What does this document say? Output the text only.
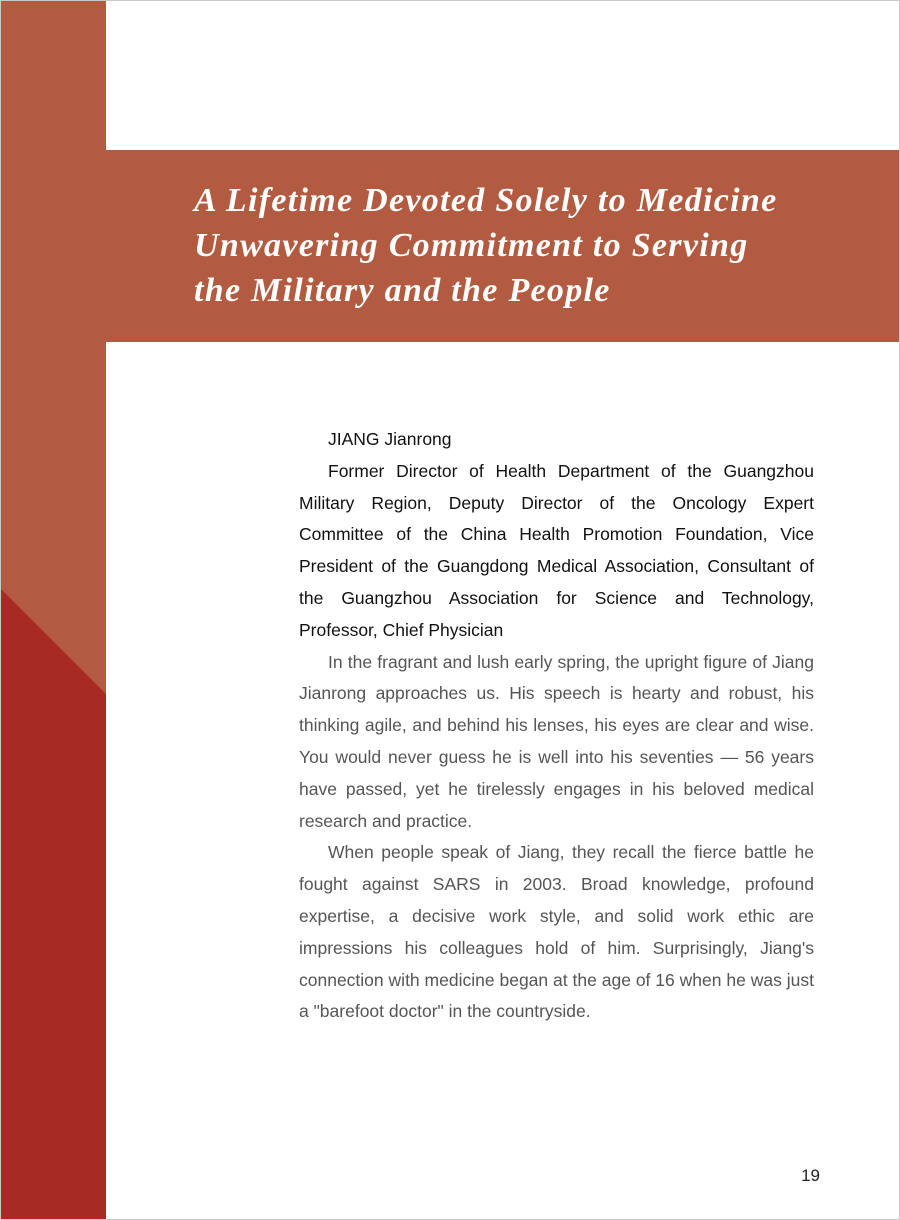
A Lifetime Devoted Solely to Medicine
Unwavering Commitment to Serving
the Military and the People

JIANG Jianrong

Former Director of Health Department of the Guangzhou Military Region, Deputy Director of the Oncology Expert Committee of the China Health Promotion Foundation, Vice President of the Guangdong Medical Association, Consultant of the Guangzhou Association for Science and Technology, Professor, Chief Physician

In the fragrant and lush early spring, the upright figure of Jiang Jianrong approaches us. His speech is hearty and robust, his thinking agile, and behind his lenses, his eyes are clear and wise. You would never guess he is well into his seventies — 56 years have passed, yet he tirelessly engages in his beloved medical research and practice.

When people speak of Jiang, they recall the fierce battle he fought against SARS in 2003. Broad knowledge, profound expertise, a decisive work style, and solid work ethic are impressions his colleagues hold of him. Surprisingly, Jiang's connection with medicine began at the age of 16 when he was just a "barefoot doctor" in the countryside.

19
